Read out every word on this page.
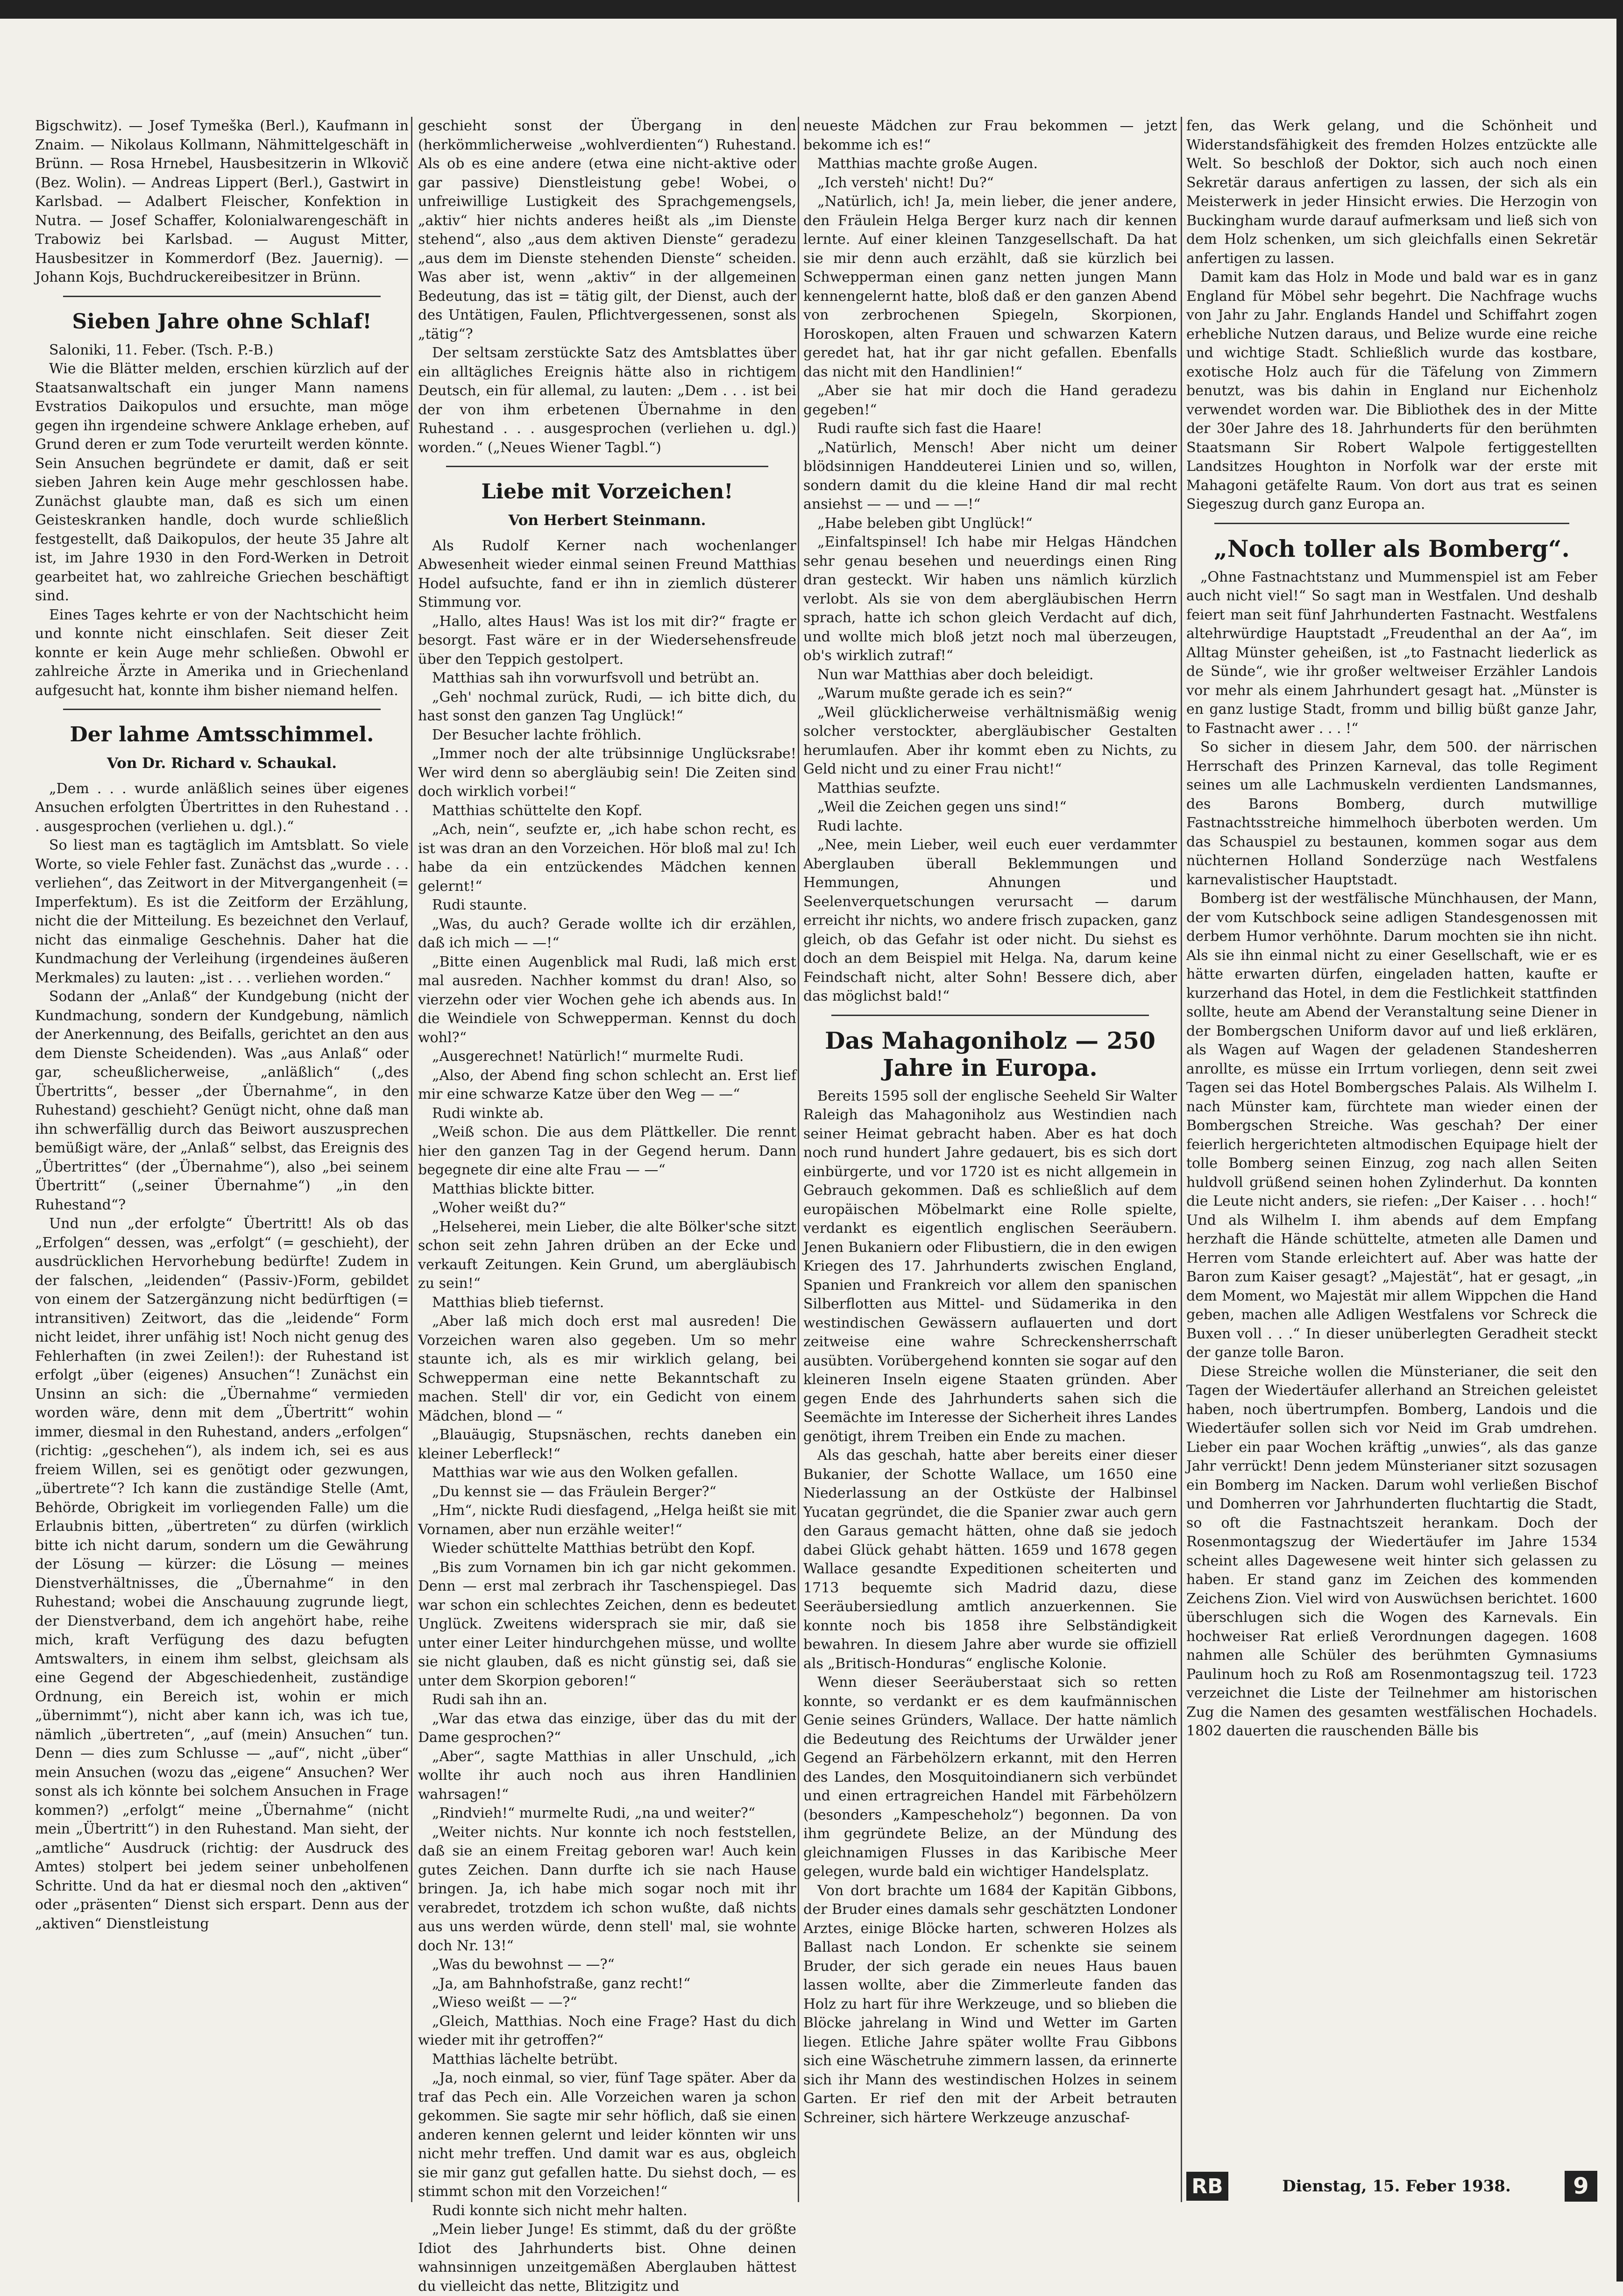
Bigschwitz). — Josef Tymeška (Berl.), Kaufmann in Znaim. — Nikolaus Kollmann, Nähmittelgeschäft in Brünn. — Rosa Hrnebel, Hausbesitzerin in Wlkovič (Bez. Wolin). — Andreas Lippert (Berl.), Gastwirt in Karlsbad. — Adalbert Fleischer, Konfektion in Nutra. — Josef Schaffer, Kolonialwarengeschäft in Trabowiz bei Karlsbad. — August Mitter, Hausbesitzer in Kommerdorf (Bez. Jauernig). — Johann Kojs, Buchdruckereibesitzer in Brünn.

Sieben Jahre ohne Schlaf!

Saloniki, 11. Feber. (Tsch. P.-B.)

Wie die Blätter melden, erschien kürzlich auf der Staatsanwaltschaft ein junger Mann namens Evstratios Daikopulos und ersuchte, man möge gegen ihn irgendeine schwere Anklage erheben, auf Grund deren er zum Tode verurteilt werden könnte. Sein Ansuchen begründete er damit, daß er seit sieben Jahren kein Auge mehr geschlossen habe. Zunächst glaubte man, daß es sich um einen Geisteskranken handle, doch wurde schließlich festgestellt, daß Daikopulos, der heute 35 Jahre alt ist, im Jahre 1930 in den Ford-Werken in Detroit gearbeitet hat, wo zahlreiche Griechen beschäftigt sind.

Eines Tages kehrte er von der Nachtschicht heim und konnte nicht einschlafen. Seit dieser Zeit konnte er kein Auge mehr schließen. Obwohl er zahlreiche Ärzte in Amerika und in Griechenland aufgesucht hat, konnte ihm bisher niemand helfen.

Der lahme Amtsschimmel.
Von Dr. Richard v. Schaukal.

„Dem . . . wurde anläßlich seines über eigenes Ansuchen erfolgten Übertrittes in den Ruhestand . . . ausgesprochen (verliehen u. dgl.).“

So liest man es tagtäglich im Amtsblatt. So viele Worte, so viele Fehler fast. Zunächst das „wurde . . . verliehen“, das Zeitwort in der Mitvergangenheit (= Imperfektum). Es ist die Zeitform der Erzählung, nicht die der Mitteilung. Es bezeichnet den Verlauf, nicht das einmalige Geschehnis. Daher hat die Kundmachung der Verleihung (irgendeines äußeren Merkmales) zu lauten: „ist . . . verliehen worden.“

Sodann der „Anlaß“ der Kundgebung (nicht der Kundmachung, sondern der Kundgebung, nämlich der Anerkennung, des Beifalls, gerichtet an den aus dem Dienste Scheidenden). Was „aus Anlaß“ oder gar, scheußlicherweise, „anläßlich“ („des Übertritts“, besser „der Übernahme“, in den Ruhestand) geschieht? Genügt nicht, ohne daß man ihn schwerfällig durch das Beiwort auszusprechen bemüßigt wäre, der „Anlaß“ selbst, das Ereignis des „Übertrittes“ (der „Übernahme“), also „bei seinem Übertritt“ („seiner Übernahme“) „in den Ruhestand“?

Und nun „der erfolgte“ Übertritt! Als ob das „Erfolgen“ dessen, was „erfolgt“ (= geschieht), der ausdrücklichen Hervorhebung bedürfte! Zudem in der falschen, „leidenden“ (Passiv-)Form, gebildet von einem der Satzergänzung nicht bedürftigen (= intransitiven) Zeitwort, das die „leidende“ Form nicht leidet, ihrer unfähig ist! Noch nicht genug des Fehlerhaften (in zwei Zeilen!): der Ruhestand ist erfolgt „über (eigenes) Ansuchen“! Zunächst ein Unsinn an sich: die „Übernahme“ vermieden worden wäre, denn mit dem „Übertritt“ wohin immer, diesmal in den Ruhestand, anders „erfolgen“ (richtig: „geschehen“), als indem ich, sei es aus freiem Willen, sei es genötigt oder gezwungen, „übertrete“? Ich kann die zuständige Stelle (Amt, Behörde, Obrigkeit im vorliegenden Falle) um die Erlaubnis bitten, „übertreten“ zu dürfen (wirklich bitte ich nicht darum, sondern um die Gewährung der Lösung — kürzer: die Lösung — meines Dienstverhältnisses, die „Übernahme“ in den Ruhestand; wobei die Anschauung zugrunde liegt, der Dienstverband, dem ich angehört habe, reihe mich, kraft Verfügung des dazu befugten Amtswalters, in einem ihm selbst, gleichsam als eine Gegend der Abgeschiedenheit, zuständige Ordnung, ein Bereich ist, wohin er mich „übernimmt“), nicht aber kann ich, was ich tue, nämlich „übertreten“, „auf (mein) Ansuchen“ tun. Denn — dies zum Schlusse — „auf“, nicht „über“ mein Ansuchen (wozu das „eigene“ Ansuchen? Wer sonst als ich könnte bei solchem Ansuchen in Frage kommen?) „erfolgt“ meine „Übernahme“ (nicht mein „Übertritt“) in den Ruhestand. Man sieht, der „amtliche“ Ausdruck (richtig: der Ausdruck des Amtes) stolpert bei jedem seiner unbeholfenen Schritte. Und da hat er diesmal noch den „aktiven“ oder „präsenten“ Dienst sich erspart. Denn aus der „aktiven“ Dienstleistung

geschieht sonst der Übergang in den (herkömmlicherweise „wohlverdienten“) Ruhestand. Als ob es eine andere (etwa eine nicht-aktive oder gar passive) Dienstleistung gebe! Wobei, o unfreiwillige Lustigkeit des Sprachgemengsels, „aktiv“ hier nichts anderes heißt als „im Dienste stehend“, also „aus dem aktiven Dienste“ geradezu „aus dem im Dienste stehenden Dienste“ scheiden. Was aber ist, wenn „aktiv“ in der allgemeinen Bedeutung, das ist = tätig gilt, der Dienst, auch der des Untätigen, Faulen, Pflichtvergessenen, sonst als „tätig“?

Der seltsam zerstückte Satz des Amtsblattes über ein alltägliches Ereignis hätte also in richtigem Deutsch, ein für allemal, zu lauten: „Dem . . . ist bei der von ihm erbetenen Übernahme in den Ruhestand . . . ausgesprochen (verliehen u. dgl.) worden.“ („Neues Wiener Tagbl.“)

Liebe mit Vorzeichen!
Von Herbert Steinmann.

Als Rudolf Kerner nach wochenlanger Abwesenheit wieder einmal seinen Freund Matthias Hodel aufsuchte, fand er ihn in ziemlich düsterer Stimmung vor.

„Hallo, altes Haus! Was ist los mit dir?“ fragte er besorgt. Fast wäre er in der Wiedersehensfreude über den Teppich gestolpert.

Matthias sah ihn vorwurfsvoll und betrübt an.

„Geh' nochmal zurück, Rudi, — ich bitte dich, du hast sonst den ganzen Tag Unglück!“

Der Besucher lachte fröhlich.

„Immer noch der alte trübsinnige Unglücksrabe! Wer wird denn so abergläubig sein! Die Zeiten sind doch wirklich vorbei!“

Matthias schüttelte den Kopf.

„Ach, nein“, seufzte er, „ich habe schon recht, es ist was dran an den Vorzeichen. Hör bloß mal zu! Ich habe da ein entzückendes Mädchen kennen gelernt!“

Rudi staunte.

„Was, du auch? Gerade wollte ich dir erzählen, daß ich mich — —!“

„Bitte einen Augenblick mal Rudi, laß mich erst mal ausreden. Nachher kommst du dran! Also, so vierzehn oder vier Wochen gehe ich abends aus. In die Weindiele von Schwepperman. Kennst du doch wohl?“

„Ausgerechnet! Natürlich!“ murmelte Rudi.

„Also, der Abend fing schon schlecht an. Erst lief mir eine schwarze Katze über den Weg — —“

Rudi winkte ab.

„Weiß schon. Die aus dem Plättkeller. Die rennt hier den ganzen Tag in der Gegend herum. Dann begegnete dir eine alte Frau — —“

Matthias blickte bitter.

„Woher weißt du?“

„Helseherei, mein Lieber, die alte Bölker'sche sitzt schon seit zehn Jahren drüben an der Ecke und verkauft Zeitungen. Kein Grund, um abergläubisch zu sein!“

Matthias blieb tiefernst.

„Aber laß mich doch erst mal ausreden! Die Vorzeichen waren also gegeben. Um so mehr staunte ich, als es mir wirklich gelang, bei Schwepperman eine nette Bekanntschaft zu machen. Stell' dir vor, ein Gedicht von einem Mädchen, blond — “

„Blauäugig, Stupsnäschen, rechts daneben ein kleiner Leberfleck!“

Matthias war wie aus den Wolken gefallen.

„Du kennst sie — das Fräulein Berger?“

„Hm“, nickte Rudi diesfagend, „Helga heißt sie mit Vornamen, aber nun erzähle weiter!“

Wieder schüttelte Matthias betrübt den Kopf.

„Bis zum Vornamen bin ich gar nicht gekommen. Denn — erst mal zerbrach ihr Taschenspiegel. Das war schon ein schlechtes Zeichen, denn es bedeutet Unglück. Zweitens widersprach sie mir, daß sie unter einer Leiter hindurchgehen müsse, und wollte sie nicht glauben, daß es nicht günstig sei, daß sie unter dem Skorpion geboren!“

Rudi sah ihn an.

„War das etwa das einzige, über das du mit der Dame gesprochen?“

„Aber“, sagte Matthias in aller Unschuld, „ich wollte ihr auch noch aus ihren Handlinien wahrsagen!“

„Rindvieh!“ murmelte Rudi, „na und weiter?“

„Weiter nichts. Nur konnte ich noch feststellen, daß sie an einem Freitag geboren war! Auch kein gutes Zeichen. Dann durfte ich sie nach Hause bringen. Ja, ich habe mich sogar noch mit ihr verabredet, trotzdem ich schon wußte, daß nichts aus uns werden würde, denn stell' mal, sie wohnte doch Nr. 13!“

„Was du bewohnst — —?“

„Ja, am Bahnhofstraße, ganz recht!“

„Wieso weißt — —?“

„Gleich, Matthias. Noch eine Frage? Hast du dich wieder mit ihr getroffen?“

Matthias lächelte betrübt.

„Ja, noch einmal, so vier, fünf Tage später. Aber da traf das Pech ein. Alle Vorzeichen waren ja schon gekommen. Sie sagte mir sehr höflich, daß sie einen anderen kennen gelernt und leider könnten wir uns nicht mehr treffen. Und damit war es aus, obgleich sie mir ganz gut gefallen hatte. Du siehst doch, — es stimmt schon mit den Vorzeichen!“

Rudi konnte sich nicht mehr halten.

„Mein lieber Junge! Es stimmt, daß du der größte Idiot des Jahrhunderts bist. Ohne deinen wahnsinnigen unzeitgemäßen Aberglauben hättest du vielleicht das nette, Blitzigitz und

neueste Mädchen zur Frau bekommen — jetzt bekomme ich es!“

Matthias machte große Augen.

„Ich versteh' nicht! Du?“

„Natürlich, ich! Ja, mein lieber, die jener andere, den Fräulein Helga Berger kurz nach dir kennen lernte. Auf einer kleinen Tanzgesellschaft. Da hat sie mir denn auch erzählt, daß sie kürzlich bei Schwepperman einen ganz netten jungen Mann kennengelernt hatte, bloß daß er den ganzen Abend von zerbrochenen Spiegeln, Skorpionen, Horoskopen, alten Frauen und schwarzen Katern geredet hat, hat ihr gar nicht gefallen. Ebenfalls das nicht mit den Handlinien!“

„Aber sie hat mir doch die Hand geradezu gegeben!“

Rudi raufte sich fast die Haare!

„Natürlich, Mensch! Aber nicht um deiner blödsinnigen Handdeuterei Linien und so, willen, sondern damit du die kleine Hand dir mal recht ansiehst — — und — —!“

„Habe beleben gibt Unglück!“

„Einfaltspinsel! Ich habe mir Helgas Händchen sehr genau besehen und neuerdings einen Ring dran gesteckt. Wir haben uns nämlich kürzlich verlobt. Als sie von dem abergläubischen Herrn sprach, hatte ich schon gleich Verdacht auf dich, und wollte mich bloß jetzt noch mal überzeugen, ob's wirklich zutraf!“

Nun war Matthias aber doch beleidigt.

„Warum mußte gerade ich es sein?“

„Weil glücklicherweise verhältnismäßig wenig solcher verstockter, abergläubischer Gestalten herumlaufen. Aber ihr kommt eben zu Nichts, zu Geld nicht und zu einer Frau nicht!“

Matthias seufzte.

„Weil die Zeichen gegen uns sind!“

Rudi lachte.

„Nee, mein Lieber, weil euch euer verdammter Aberglauben überall Beklemmungen und Hemmungen, Ahnungen und Seelenverquetschungen verursacht — darum erreicht ihr nichts, wo andere frisch zupacken, ganz gleich, ob das Gefahr ist oder nicht. Du siehst es doch an dem Beispiel mit Helga. Na, darum keine Feindschaft nicht, alter Sohn! Bessere dich, aber das möglichst bald!“

Das Mahagoniholz — 250 Jahre in Europa.

Bereits 1595 soll der englische Seeheld Sir Walter Raleigh das Mahagoniholz aus Westindien nach seiner Heimat gebracht haben. Aber es hat doch noch rund hundert Jahre gedauert, bis es sich dort einbürgerte, und vor 1720 ist es nicht allgemein in Gebrauch gekommen. Daß es schließlich auf dem europäischen Möbelmarkt eine Rolle spielte, verdankt es eigentlich englischen Seeräubern. Jenen Bukaniern oder Flibustiern, die in den ewigen Kriegen des 17. Jahrhunderts zwischen England, Spanien und Frankreich vor allem den spanischen Silberflotten aus Mittel- und Südamerika in den westindischen Gewässern auflauerten und dort zeitweise eine wahre Schreckensherrschaft ausübten. Vorübergehend konnten sie sogar auf den kleineren Inseln eigene Staaten gründen. Aber gegen Ende des Jahrhunderts sahen sich die Seemächte im Interesse der Sicherheit ihres Landes genötigt, ihrem Treiben ein Ende zu machen.

Als das geschah, hatte aber bereits einer dieser Bukanier, der Schotte Wallace, um 1650 eine Niederlassung an der Ostküste der Halbinsel Yucatan gegründet, die die Spanier zwar auch gern den Garaus gemacht hätten, ohne daß sie jedoch dabei Glück gehabt hätten. 1659 und 1678 gegen Wallace gesandte Expeditionen scheiterten und 1713 bequemte sich Madrid dazu, diese Seeräubersiedlung amtlich anzuerkennen. Sie konnte noch bis 1858 ihre Selbständigkeit bewahren. In diesem Jahre aber wurde sie offiziell als „Britisch-Honduras“ englische Kolonie.

Wenn dieser Seeräuberstaat sich so retten konnte, so verdankt er es dem kaufmännischen Genie seines Gründers, Wallace. Der hatte nämlich die Bedeutung des Reichtums der Urwälder jener Gegend an Färbehölzern erkannt, mit den Herren des Landes, den Mosquitoindianern sich verbündet und einen ertragreichen Handel mit Färbehölzern (besonders „Kampescheholz“) begonnen. Da von ihm gegründete Belize, an der Mündung des gleichnamigen Flusses in das Karibische Meer gelegen, wurde bald ein wichtiger Handelsplatz.

Von dort brachte um 1684 der Kapitän Gibbons, der Bruder eines damals sehr geschätzten Londoner Arztes, einige Blöcke harten, schweren Holzes als Ballast nach London. Er schenkte sie seinem Bruder, der sich gerade ein neues Haus bauen lassen wollte, aber die Zimmerleute fanden das Holz zu hart für ihre Werkzeuge, und so blieben die Blöcke jahrelang in Wind und Wetter im Garten liegen. Etliche Jahre später wollte Frau Gibbons sich eine Wäschetruhe zimmern lassen, da erinnerte sich ihr Mann des westindischen Holzes in seinem Garten. Er rief den mit der Arbeit betrauten Schreiner, sich härtere Werkzeuge anzuschaf-

fen, das Werk gelang, und die Schönheit und Widerstandsfähigkeit des fremden Holzes entzückte alle Welt. So beschloß der Doktor, sich auch noch einen Sekretär daraus anfertigen zu lassen, der sich als ein Meisterwerk in jeder Hinsicht erwies. Die Herzogin von Buckingham wurde darauf aufmerksam und ließ sich von dem Holz schenken, um sich gleichfalls einen Sekretär anfertigen zu lassen.

Damit kam das Holz in Mode und bald war es in ganz England für Möbel sehr begehrt. Die Nachfrage wuchs von Jahr zu Jahr. Englands Handel und Schiffahrt zogen erhebliche Nutzen daraus, und Belize wurde eine reiche und wichtige Stadt. Schließlich wurde das kostbare, exotische Holz auch für die Täfelung von Zimmern benutzt, was bis dahin in England nur Eichenholz verwendet worden war. Die Bibliothek des in der Mitte der 30er Jahre des 18. Jahrhunderts für den berühmten Staatsmann Sir Robert Walpole fertiggestellten Landsitzes Houghton in Norfolk war der erste mit Mahagoni getäfelte Raum. Von dort aus trat es seinen Siegeszug durch ganz Europa an.

„Noch toller als Bomberg“.

„Ohne Fastnachtstanz und Mummenspiel ist am Feber auch nicht viel!“ So sagt man in Westfalen. Und deshalb feiert man seit fünf Jahrhunderten Fastnacht. Westfalens altehrwürdige Hauptstadt „Freudenthal an der Aa“, im Alltag Münster geheißen, ist „to Fastnacht liederlick as de Sünde“, wie ihr großer weltweiser Erzähler Landois vor mehr als einem Jahrhundert gesagt hat. „Münster is en ganz lustige Stadt, fromm und billig büßt ganze Jahr, to Fastnacht awer . . . !“

So sicher in diesem Jahr, dem 500. der närrischen Herrschaft des Prinzen Karneval, das tolle Regiment seines um alle Lachmuskeln verdienten Landsmannes, des Barons Bomberg, durch mutwillige Fastnachtsstreiche himmelhoch überboten werden. Um das Schauspiel zu bestaunen, kommen sogar aus dem nüchternen Holland Sonderzüge nach Westfalens karnevalistischer Hauptstadt.

Bomberg ist der westfälische Münchhausen, der Mann, der vom Kutschbock seine adligen Standesgenossen mit derbem Humor verhöhnte. Darum mochten sie ihn nicht. Als sie ihn einmal nicht zu einer Gesellschaft, wie er es hätte erwarten dürfen, eingeladen hatten, kaufte er kurzerhand das Hotel, in dem die Festlichkeit stattfinden sollte, heute am Abend der Veranstaltung seine Diener in der Bombergschen Uniform davor auf und ließ erklären, als Wagen auf Wagen der geladenen Standesherren anrollte, es müsse ein Irrtum vorliegen, denn seit zwei Tagen sei das Hotel Bombergsches Palais. Als Wilhelm I. nach Münster kam, fürchtete man wieder einen der Bombergschen Streiche. Was geschah? Der einer feierlich hergerichteten altmodischen Equipage hielt der tolle Bomberg seinen Einzug, zog nach allen Seiten huldvoll grüßend seinen hohen Zylinderhut. Da konnten die Leute nicht anders, sie riefen: „Der Kaiser . . . hoch!“ Und als Wilhelm I. ihm abends auf dem Empfang herzhaft die Hände schüttelte, atmeten alle Damen und Herren vom Stande erleichtert auf. Aber was hatte der Baron zum Kaiser gesagt? „Majestät“, hat er gesagt, „in dem Moment, wo Majestät mir allem Wippchen die Hand geben, machen alle Adligen Westfalens vor Schreck die Buxen voll . . .“ In dieser unüberlegten Geradheit steckt der ganze tolle Baron.

Diese Streiche wollen die Münsterianer, die seit den Tagen der Wiedertäufer allerhand an Streichen geleistet haben, noch übertrumpfen. Bomberg, Landois und die Wiedertäufer sollen sich vor Neid im Grab umdrehen. Lieber ein paar Wochen kräftig „unwies“, als das ganze Jahr verrückt! Denn jedem Münsterianer sitzt sozusagen ein Bomberg im Nacken. Darum wohl verließen Bischof und Domherren vor Jahrhunderten fluchtartig die Stadt, so oft die Fastnachtszeit herankam. Doch der Rosenmontagszug der Wiedertäufer im Jahre 1534 scheint alles Dagewesene weit hinter sich gelassen zu haben. Er stand ganz im Zeichen des kommenden Zeichens Zion. Viel wird von Auswüchsen berichtet. 1600 überschlugen sich die Wogen des Karnevals. Ein hochweiser Rat erließ Verordnungen dagegen. 1608 nahmen alle Schüler des berühmten Gymnasiums Paulinum hoch zu Roß am Rosenmontagszug teil. 1723 verzeichnet die Liste der Teilnehmer am historischen Zug die Namen des gesamten westfälischen Hochadels. 1802 dauerten die rauschenden Bälle bis

RB	Dienstag, 15. Feber 1938.	9
